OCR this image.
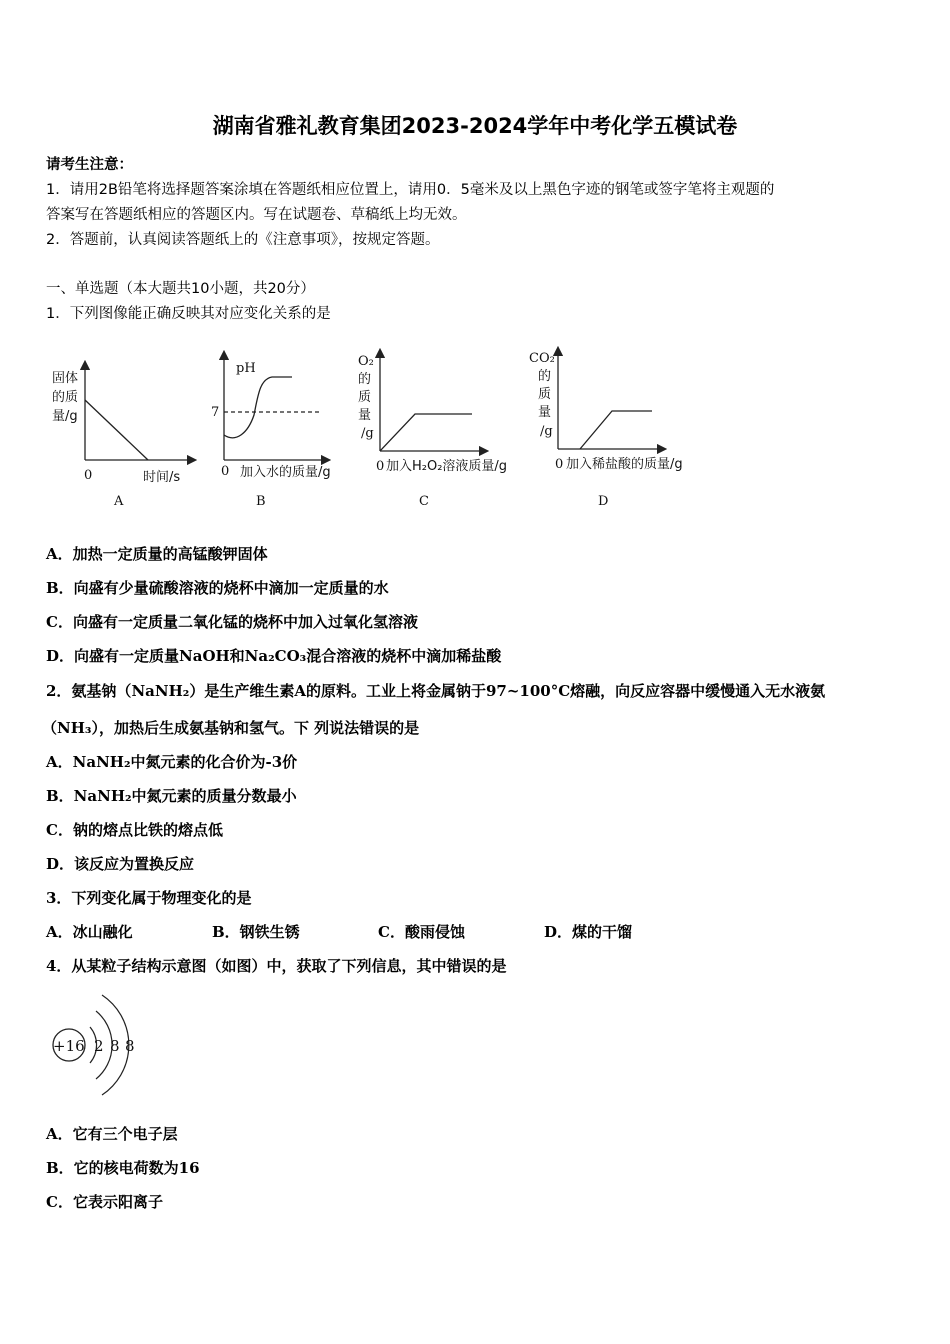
湖南省雅礼教育集团2023-2024学年中考化学五模试卷
请考生注意：
1．请用2B铅笔将选择题答案涂填在答题纸相应位置上，请用0．5毫米及以上黑色字迹的钢笔或签字笔将主观题的
答案写在答题纸相应的答题区内。写在试题卷、草稿纸上均无效。
2．答题前，认真阅读答题纸上的《注意事项》，按规定答题。
一、单选题（本大题共10小题，共20分）
1．下列图像能正确反映其对应变化关系的是
固体
的质
量/g
0	时间/s
A
pH
7
0 加入水的质量/g
B
O₂
的
质
量
/g
0 加入H₂O₂溶液质量/g
C
CO₂
的
质
量
/g
0 加入稀盐酸的质量/g
D
A．加热一定质量的高锰酸钾固体
B．向盛有少量硫酸溶液的烧杯中滴加一定质量的水
C．向盛有一定质量二氧化锰的烧杯中加入过氧化氢溶液
D．向盛有一定质量NaOH和Na₂CO₃混合溶液的烧杯中滴加稀盐酸
2．氨基钠（NaNH₂）是生产维生素A的原料。工业上将金属钠于97~100°C熔融，向反应容器中缓慢通入无水液氨
（NH₃），加热后生成氨基钠和氢气。下 列说法错误的是
A．NaNH₂中氮元素的化合价为-3价
B．NaNH₂中氮元素的质量分数最小
C．钠的熔点比铁的熔点低
D．该反应为置换反应
3．下列变化属于物理变化的是
A．冰山融化	B．钢铁生锈	C．酸雨侵蚀	D．煤的干馏
4．从某粒子结构示意图（如图）中，获取了下列信息，其中错误的是
+16 2 8 8
A．它有三个电子层
B．它的核电荷数为16
C．它表示阳离子
